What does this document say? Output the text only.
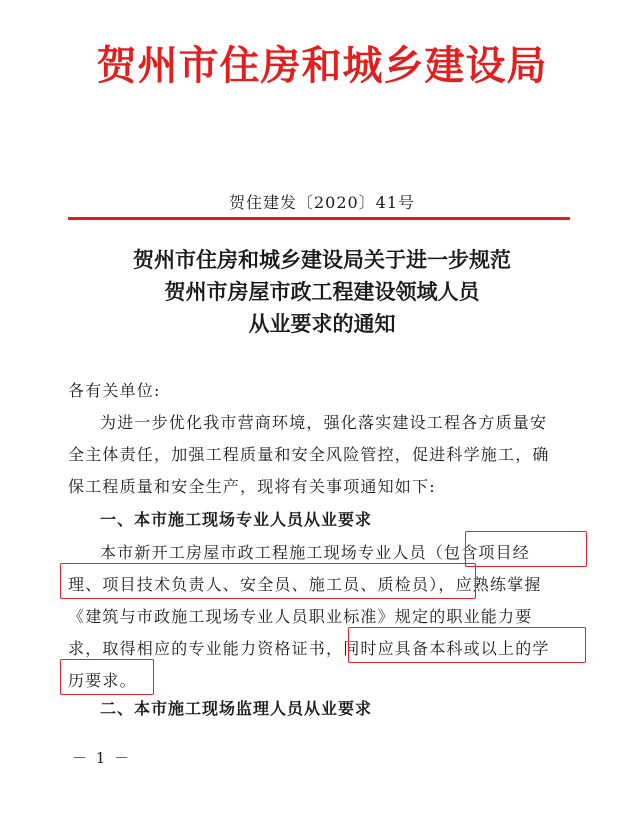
贺州市住房和城乡建设局
贺住建发〔2020〕41号
贺州市住房和城乡建设局关于进一步规范
贺州市房屋市政工程建设领域人员
从业要求的通知
各有关单位:
为进一步优化我市营商环境，强化落实建设工程各方质量安
全主体责任，加强工程质量和安全风险管控，促进科学施工，确
保工程质量和安全生产，现将有关事项通知如下:
一、本市施工现场专业人员从业要求
本市新开工房屋市政工程施工现场专业人员（包含项目经
理、项目技术负责人、安全员、施工员、质检员），应熟练掌握
《建筑与市政施工现场专业人员职业标准》规定的职业能力要
求，取得相应的专业能力资格证书，同时应具备本科或以上的学
历要求。
二、本市施工现场监理人员从业要求
－ 1 －
